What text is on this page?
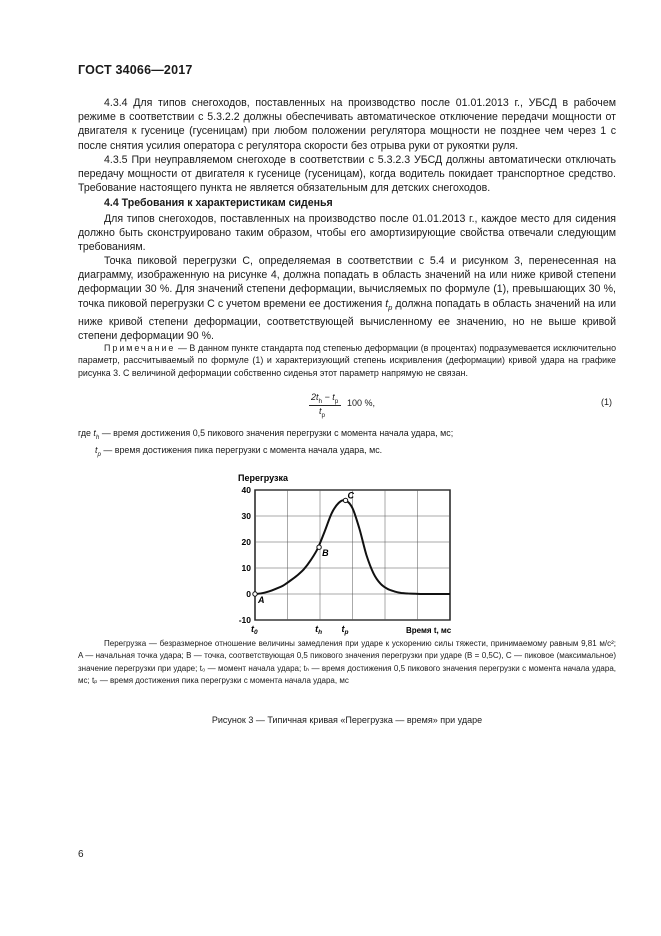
ГОСТ 34066—2017
4.3.4 Для типов снегоходов, поставленных на производство после 01.01.2013 г., УБСД в рабочем режиме в соответствии с 5.3.2.2 должны обеспечивать автоматическое отключение передачи мощности от двигателя к гусенице (гусеницам) при любом положении регулятора мощности не позднее чем через 1 с после снятия усилия оператора с регулятора скорости без отрыва руки от рукоятки руля.
4.3.5 При неуправляемом снегоходе в соответствии с 5.3.2.3 УБСД должны автоматически отключать передачу мощности от двигателя к гусенице (гусеницам), когда водитель покидает транспортное средство. Требование настоящего пункта не является обязательным для детских снегоходов.
4.4 Требования к характеристикам сиденья
Для типов снегоходов, поставленных на производство после 01.01.2013 г., каждое место для сидения должно быть сконструировано таким образом, чтобы его амортизирующие свойства отвечали следующим требованиям.
Точка пиковой перегрузки C, определяемая в соответствии с 5.4 и рисунком 3, перенесенная на диаграмму, изображенную на рисунке 4, должна попадать в область значений на или ниже кривой степени деформации 30 %. Для значений степени деформации, вычисляемых по формуле (1), превышающих 30 %, точка пиковой перегрузки C с учетом времени ее достижения $t_p$ должна попадать в область значений на или ниже кривой степени деформации, соответствующей вычисленному ее значению, но не выше кривой степени деформации 90 %.
Примечание — В данном пункте стандарта под степенью деформации (в процентах) подразумевается исключительно параметр, рассчитываемый по формуле (1) и характеризующий степень искривления (деформации) кривой удара на графике рисунка 3. С величиной деформации собственно сиденья этот параметр напрямую не связан.
$2t_h - t_p$
$t_p$
100 %,	(1)
где $t_h$ — время достижения 0,5 пикового значения перегрузки с момента начала удара, мс;
$t_p$ — время достижения пика перегрузки с момента начала удара, мс.
40
30
20
10
0
-10
$t_0$	$t_h$ $t_p$
Перегрузка
A
B
C
Время t, мс
Перегрузка — безразмерное отношение величины замедления при ударе к ускорению силы тяжести, принимаемому равным 9,81 м/с²; A — начальная точка удара; B — точка, соответствующая 0,5 пикового значения перегрузки при ударе (B = 0,5C), C — пиковое (максимальное) значение перегрузки при ударе; t₀ — момент начала удара; tₕ — время достижения 0,5 пикового значения перегрузки с момента начала удара, мс; tₚ — время достижения пика перегрузки с момента начала удара, мс
Рисунок 3 — Типичная кривая «Перегрузка — время» при ударе
6
